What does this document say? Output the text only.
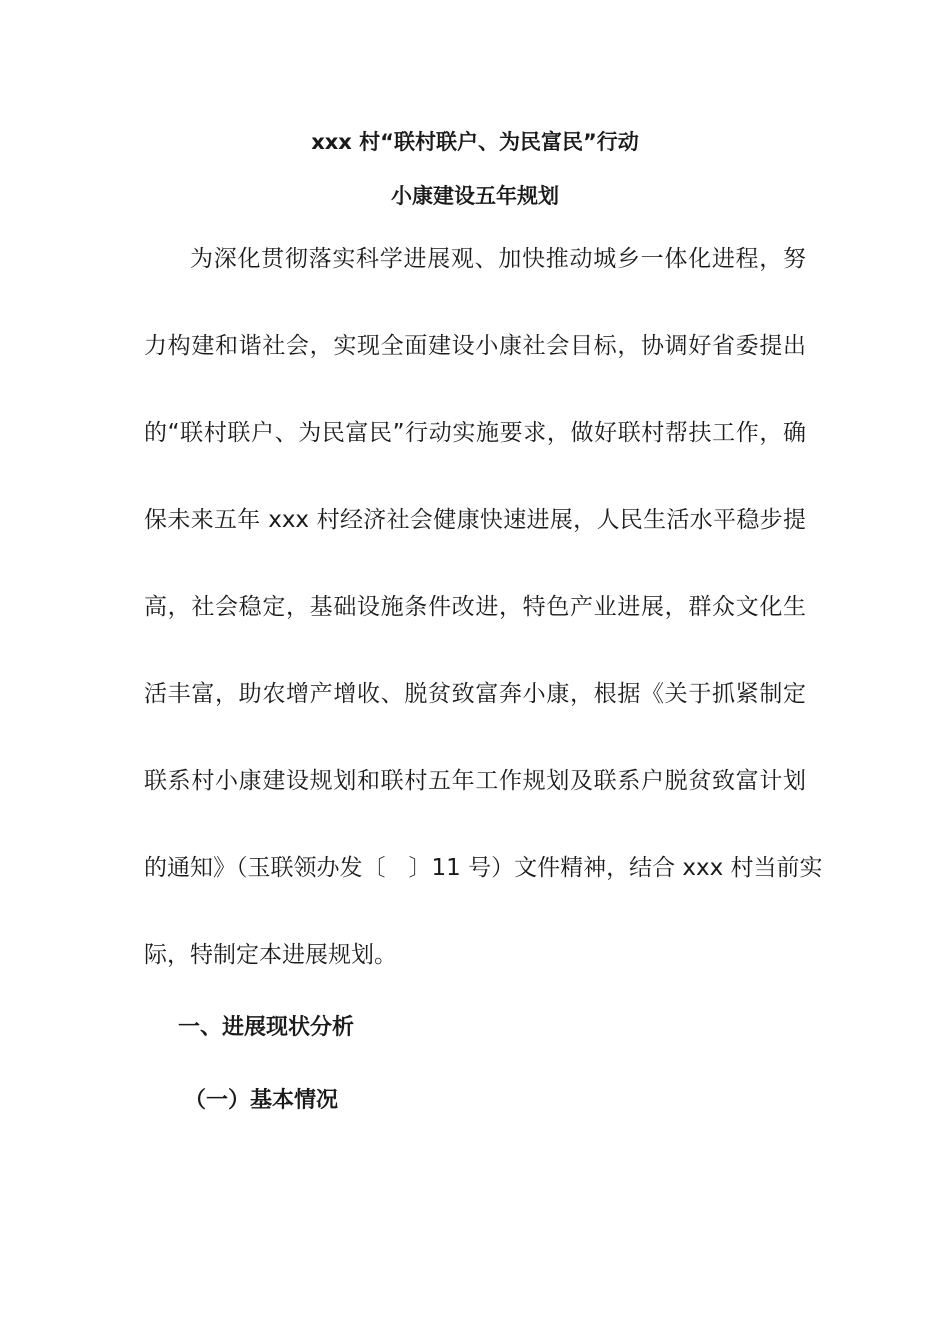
xxx 村“联村联户、为民富民”行动
小康建设五年规划
为深化贯彻落实科学进展观、加快推动城乡一体化进程，努
力构建和谐社会，实现全面建设小康社会目标，协调好省委提出
的“联村联户、为民富民”行动实施要求，做好联村帮扶工作，确
保未来五年 xxx 村经济社会健康快速进展，人民生活水平稳步提
高，社会稳定，基础设施条件改进，特色产业进展，群众文化生
活丰富，助农增产增收、脱贫致富奔小康，根据《关于抓紧制定
联系村小康建设规划和联村五年工作规划及联系户脱贫致富计划
的通知》（玉联领办发〔　〕11 号）文件精神，结合 xxx 村当前实
际，特制定本进展规划。
一、进展现状分析
（一）基本情况
